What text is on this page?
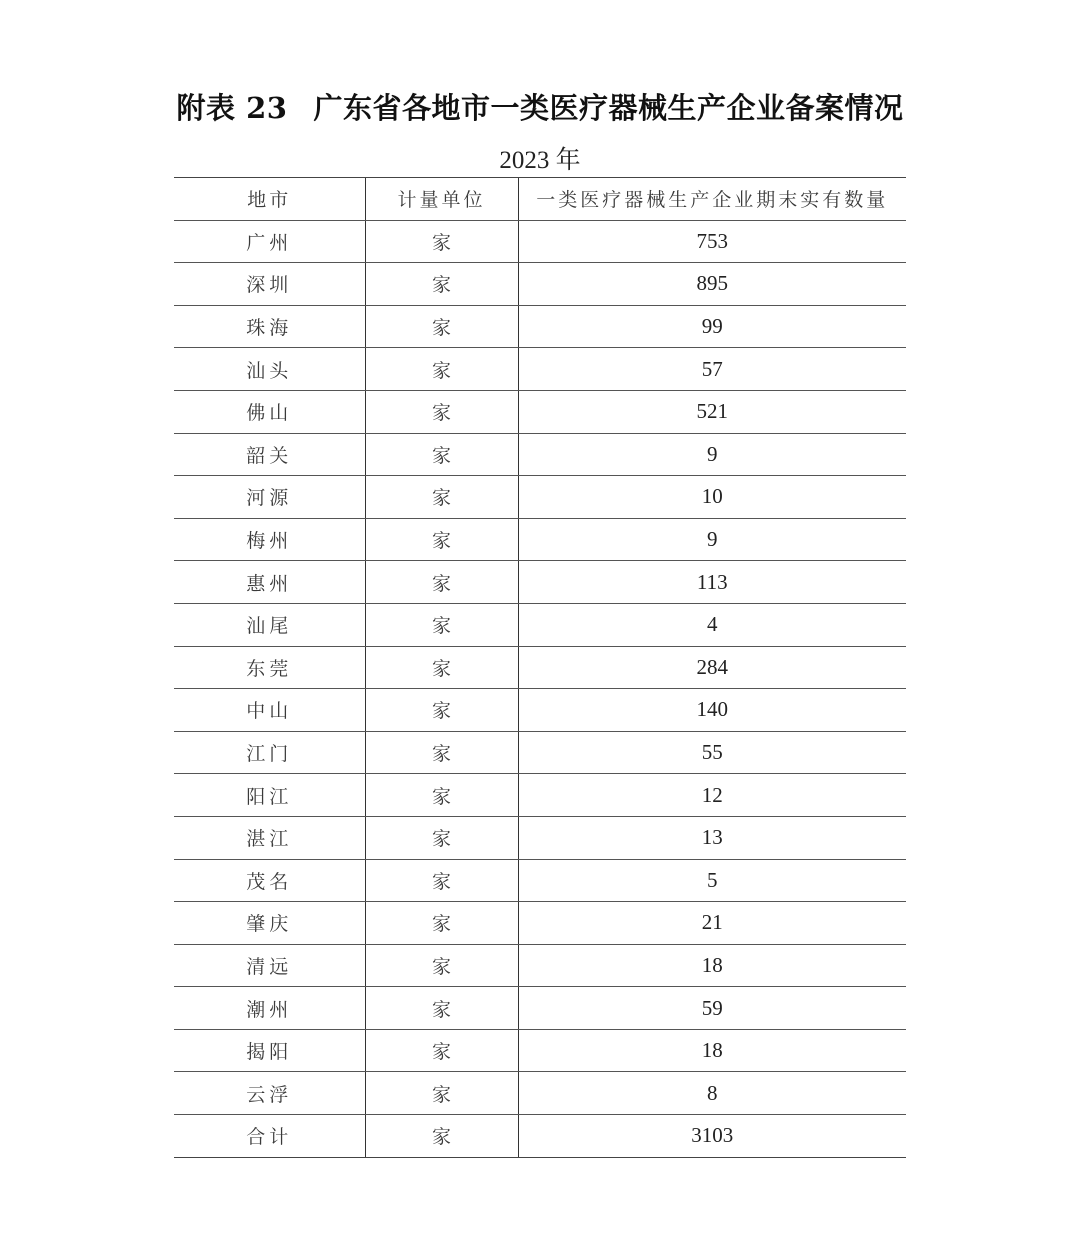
附表 23 广东省各地市一类医疗器械生产企业备案情况
2023 年
地市	计量单位	一类医疗器械生产企业期末实有数量
广州	家	753
深圳	家	895
珠海	家	99
汕头	家	57
佛山	家	521
韶关	家	9
河源	家	10
梅州	家	9
惠州	家	113
汕尾	家	4
东莞	家	284
中山	家	140
江门	家	55
阳江	家	12
湛江	家	13
茂名	家	5
肇庆	家	21
清远	家	18
潮州	家	59
揭阳	家	18
云浮	家	8
合计	家	3103
